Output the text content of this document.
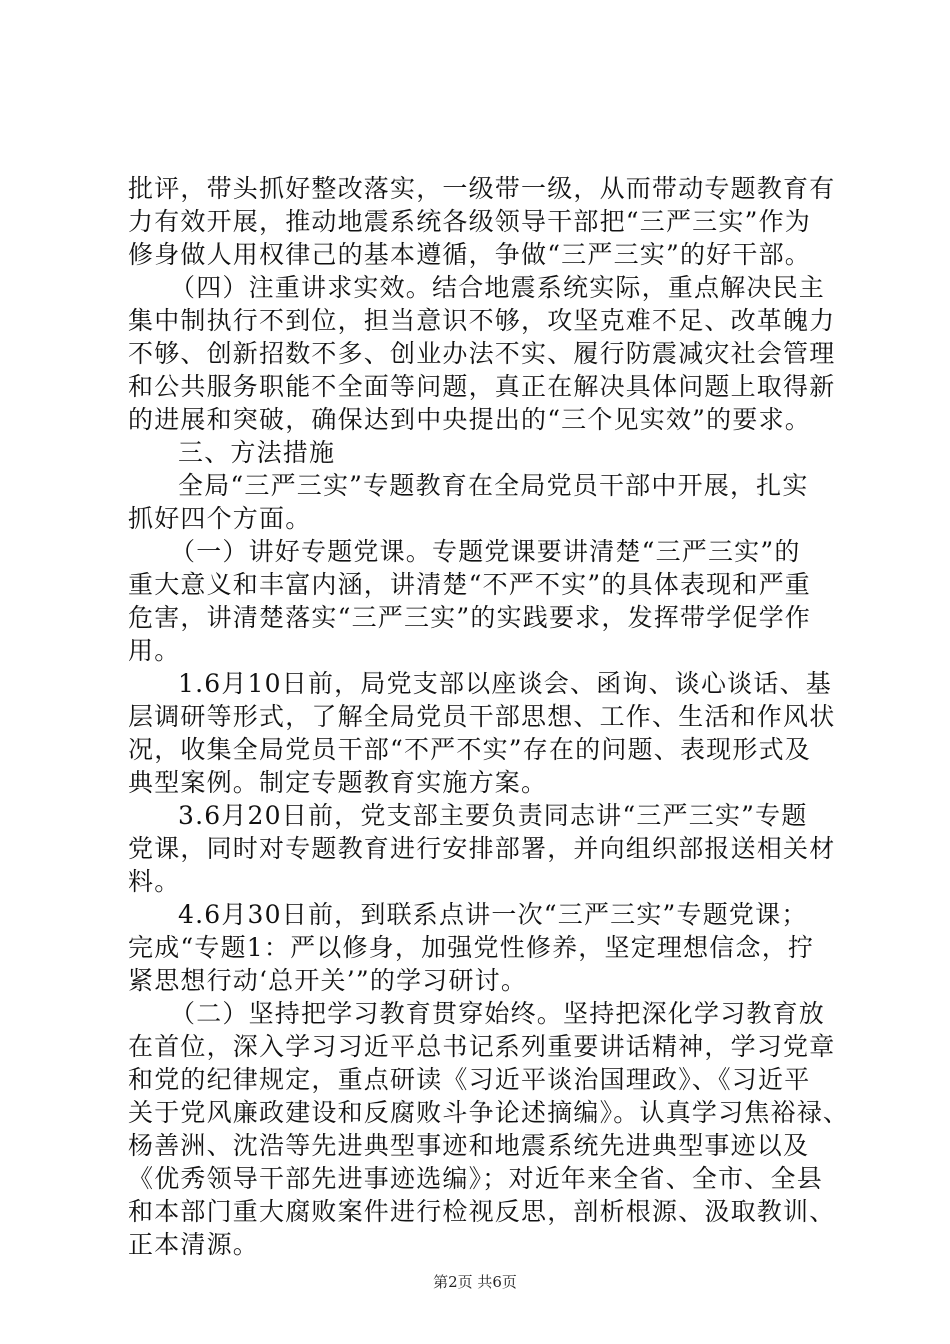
批评，带头抓好整改落实，一级带一级，从而带动专题教育有
力有效开展，推动地震系统各级领导干部把“三严三实”作为
修身做人用权律己的基本遵循，争做“三严三实”的好干部。
（四）注重讲求实效。结合地震系统实际，重点解决民主
集中制执行不到位，担当意识不够，攻坚克难不足、改革魄力
不够、创新招数不多、创业办法不实、履行防震减灾社会管理
和公共服务职能不全面等问题，真正在解决具体问题上取得新
的进展和突破，确保达到中央提出的“三个见实效”的要求。
三、方法措施
全局“三严三实”专题教育在全局党员干部中开展，扎实
抓好四个方面。
（一）讲好专题党课。专题党课要讲清楚“三严三实”的
重大意义和丰富内涵，讲清楚“不严不实”的具体表现和严重
危害，讲清楚落实“三严三实”的实践要求，发挥带学促学作
用。
1.6月10日前，局党支部以座谈会、函询、谈心谈话、基
层调研等形式，了解全局党员干部思想、工作、生活和作风状
况，收集全局党员干部“不严不实”存在的问题、表现形式及
典型案例。制定专题教育实施方案。
3.6月20日前，党支部主要负责同志讲“三严三实”专题
党课，同时对专题教育进行安排部署，并向组织部报送相关材
料。
4.6月30日前，到联系点讲一次“三严三实”专题党课；
完成“专题1：严以修身，加强党性修养，坚定理想信念，拧
紧思想行动‘总开关’”的学习研讨。
（二）坚持把学习教育贯穿始终。坚持把深化学习教育放
在首位，深入学习习近平总书记系列重要讲话精神，学习党章
和党的纪律规定，重点研读《习近平谈治国理政》、《习近平
关于党风廉政建设和反腐败斗争论述摘编》。认真学习焦裕禄、
杨善洲、沈浩等先进典型事迹和地震系统先进典型事迹以及
《优秀领导干部先进事迹选编》；对近年来全省、全市、全县
和本部门重大腐败案件进行检视反思，剖析根源、汲取教训、
正本清源。
第2页 共6页
